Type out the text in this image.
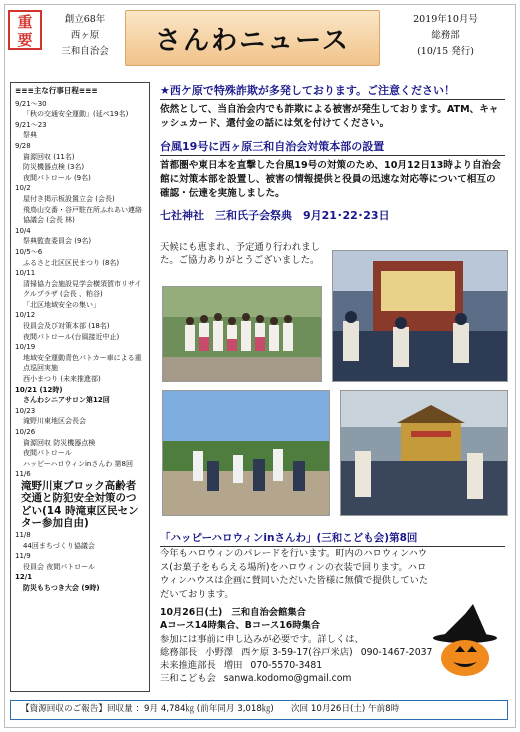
重
要
創立68年
西ヶ原
三和自治会	さんわニュース
2019年10月号
総務部
(10/15 発行)
≡≡≡主な行事日程≡≡≡
9/21～30
「秋の交通安全運動」(延べ19名)
9/21～23
祭典
9/28
資源回収 (11名)
防災機器点検 (3名)
夜間パトロール (9名)
10/2
屋付き掲示板設置立会 (会長)
飛鳥山交番・谷戸駐在所ふれあい連絡協議会 (会長 林)
10/4
祭典監査委員会 (9名)
10/5～6
ふるさと北区区民まつり (8名)
10/11
清掃協力会施設見学会横須賀市リサイクルプラザ (会長 、粕谷)
「北区地域安全の集い」
10/12
役員会及び対策本部 (18名)
夜間パトロール(台風接近中止)
10/19
地域安全運動青色パトカー車による重点巡回実施
西小まつり (未来推進部)
10/21 (12時)
さんわシニアサロン第12回
10/23
滝野川東地区会長会
10/26
資源回収 防災機器点検
夜間パトロール
ハッピーハロウィンinさんわ 第8回
11/6
滝野川東ブロック高齢者交通と防犯安全対策のつどい(14 時滝東区民センター参加自由)
11/8
44回まちづくり協議会
11/9
役員会 夜間パトロール
12/1
防災もちつき大会 (9時)
★西ケ原で特殊詐欺が多発しております。ご注意ください！
依然として、当自治会内でも詐欺による被害が発生しております。ATM、キャッシュカード、還付金の話には気を付けてください。
台風19号に西ヶ原三和自治会対策本部の設置
首都圏や東日本を直撃した台風19号の対策のため、10月12日13時より自治会館に対策本部を設置し、被害の情報提供と役員の迅速な対応等について相互の確認・伝達を実施しました。
七社神社　三和氏子会祭典　9月21･22･23日
天候にも恵まれ、予定通り行われました。ご協力ありがとうございました。
「ハッピーハロウィンinさんわ」(三和こども会)第8回
今年もハロウィンのパレードを行います。町内のハロウィンハウス(お菓子をもらえる場所)をハロウィンの衣装で回ります。ハロウィンハウスは企画に賛同いただいた皆様に無償で提供していただいております。
10月26日(土)　三和自治会館集合
Aコース14時集合、Bコース16時集合
参加には事前に申し込みが必要です。詳しくは、
総務部長 小野澤 西ケ原 3-59-17(谷戸米店) 090-1467-2037
未来推進部長 増田 070-5570-3481
三和こども会 sanwa.kodomo@gmail.com
【資源回収のご報告】回収量 ：9月 4,784㎏ (前年同月 3,018㎏)　　次回 10月26日(土) 午前8時
